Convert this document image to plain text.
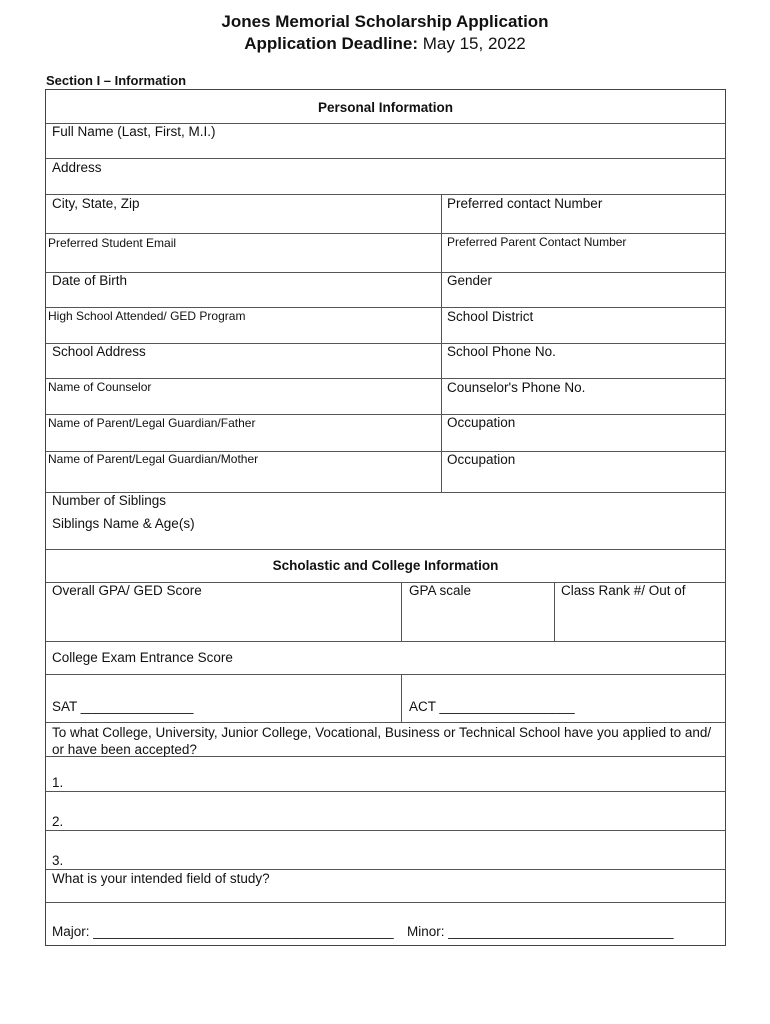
Jones Memorial Scholarship Application
Application Deadline: May 15, 2022
Section I – Information
Personal Information
Full Name (Last, First, M.I.)
Address
City, State, Zip	Preferred contact Number
Preferred Student Email	Preferred Parent Contact Number
Date of Birth	Gender
High School Attended/ GED Program	School District
School Address	School Phone No.
Name of Counselor	Counselor's Phone No.
Name of Parent/Legal Guardian/Father	Occupation
Name of Parent/Legal Guardian/Mother	Occupation
Number of Siblings
Siblings Name & Age(s)
Scholastic and College Information
Overall GPA/ GED Score	GPA scale	Class Rank #/ Out of
College Exam Entrance Score
SAT _______________	ACT __________________
To what College, University, Junior College, Vocational, Business or Technical School have you applied to and/ or have been accepted?
1.
2.
3.
What is your intended field of study?
Major: ________________________________________ Minor: ______________________________
